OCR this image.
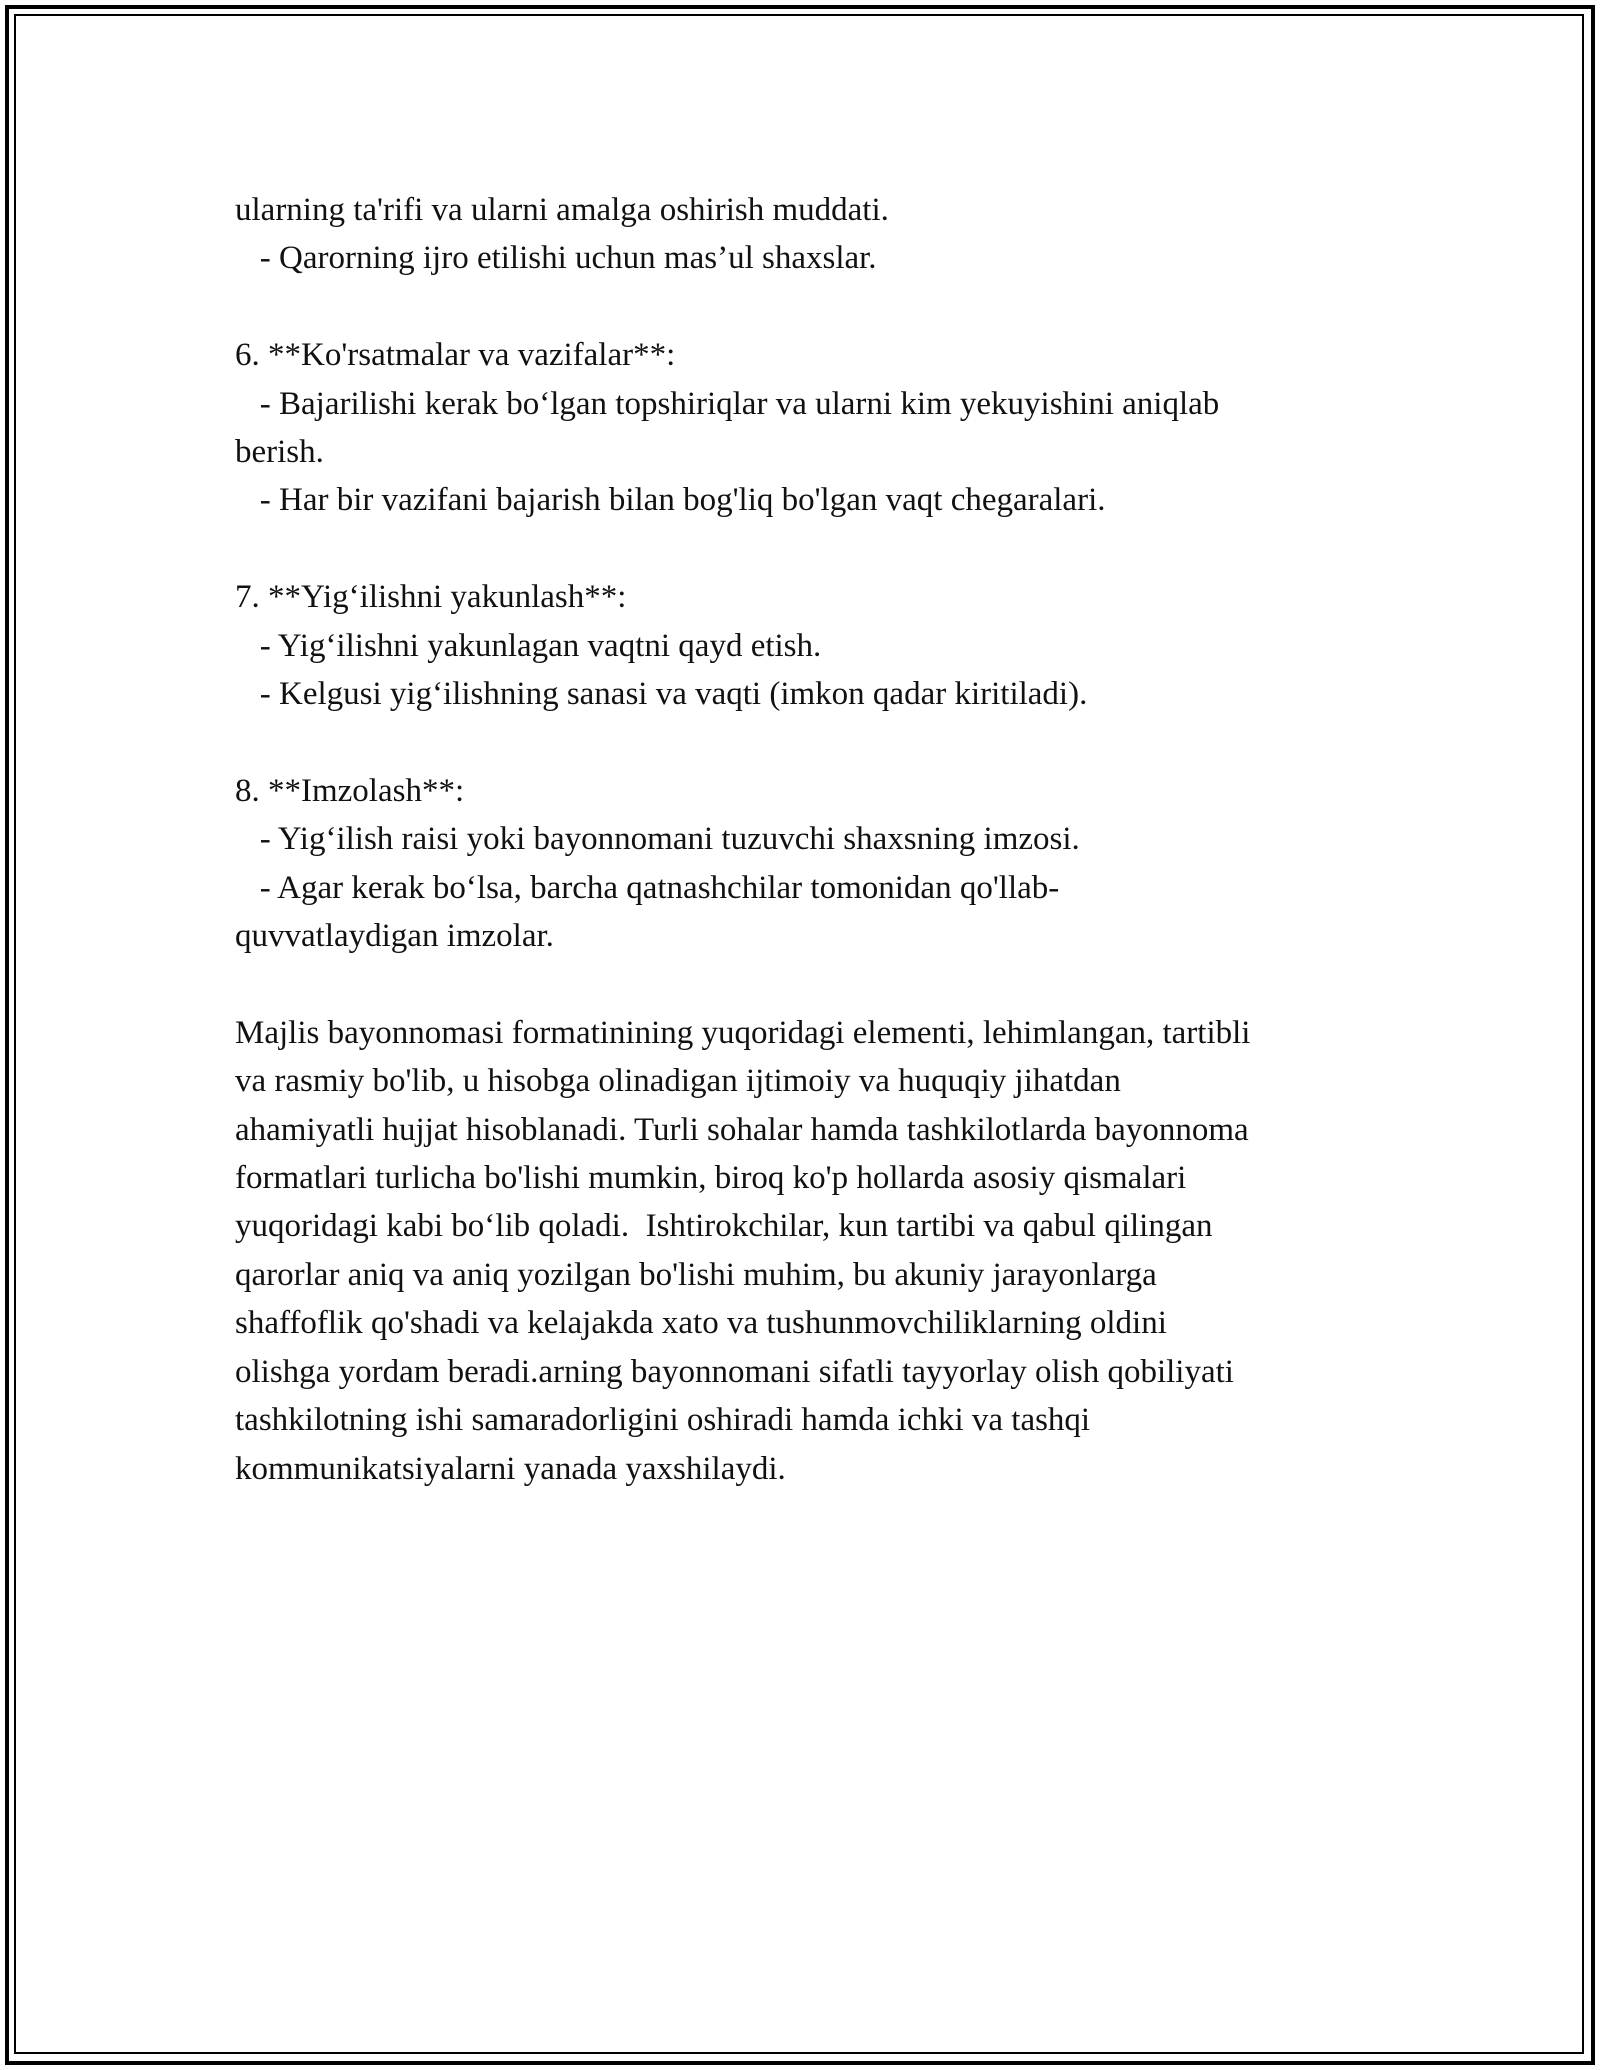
ularning ta'rifi va ularni amalga oshirish muddati.
- Qarorning ijro etilishi uchun mas’ul shaxslar.
6. **Ko'rsatmalar va vazifalar**:
- Bajarilishi kerak bo‘lgan topshiriqlar va ularni kim yekuyishini aniqlab
berish.
- Har bir vazifani bajarish bilan bog'liq bo'lgan vaqt chegaralari.
7. **Yig‘ilishni yakunlash**:
- Yig‘ilishni yakunlagan vaqtni qayd etish.
- Kelgusi yig‘ilishning sanasi va vaqti (imkon qadar kiritiladi).
8. **Imzolash**:
- Yig‘ilish raisi yoki bayonnomani tuzuvchi shaxsning imzosi.
- Agar kerak bo‘lsa, barcha qatnashchilar tomonidan qo'llab-
quvvatlaydigan imzolar.
Majlis bayonnomasi formatinining yuqoridagi elementi, lehimlangan, tartibli
va rasmiy bo'lib, u hisobga olinadigan ijtimoiy va huquqiy jihatdan
ahamiyatli hujjat hisoblanadi. Turli sohalar hamda tashkilotlarda bayonnoma
formatlari turlicha bo'lishi mumkin, biroq ko'p hollarda asosiy qismalari
yuqoridagi kabi bo‘lib qoladi.  Ishtirokchilar, kun tartibi va qabul qilingan
qarorlar aniq va aniq yozilgan bo'lishi muhim, bu akuniy jarayonlarga
shaffoflik qo'shadi va kelajakda xato va tushunmovchiliklarning oldini
olishga yordam beradi.arning bayonnomani sifatli tayyorlay olish qobiliyati
tashkilotning ishi samaradorligini oshiradi hamda ichki va tashqi
kommunikatsiyalarni yanada yaxshilaydi.
